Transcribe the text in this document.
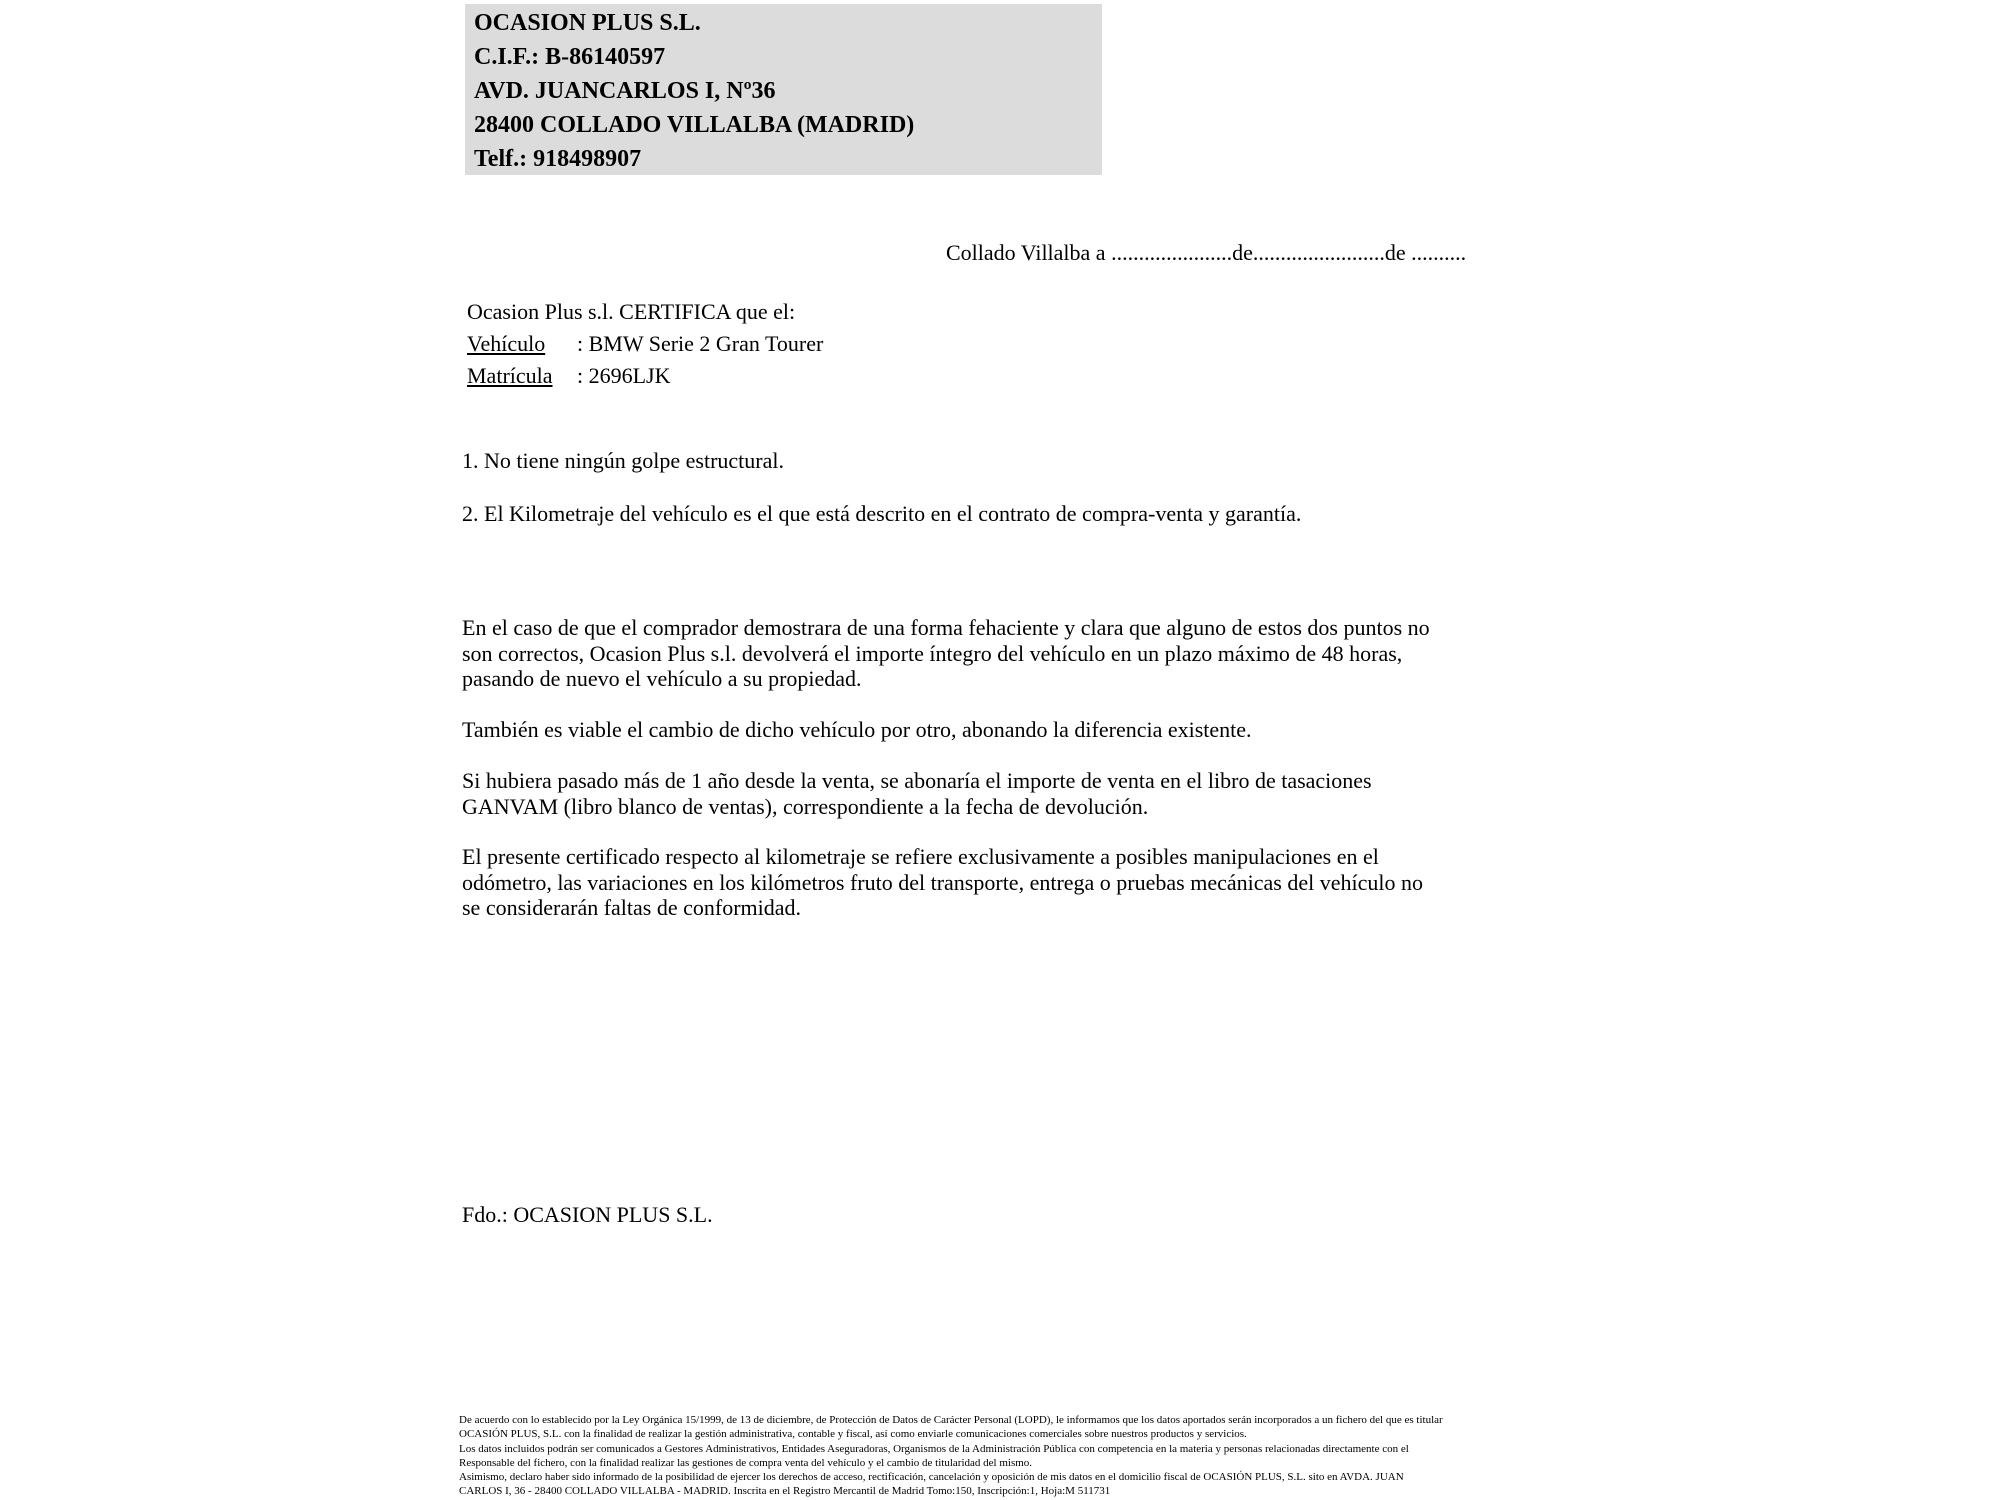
OCASION PLUS S.L.
C.I.F.: B-86140597
AVD. JUANCARLOS I, Nº36
28400 COLLADO VILLALBA (MADRID)
Telf.: 918498907
Collado Villalba a ......................de........................de ..........
Ocasion Plus s.l. CERTIFICA que el:
Vehículo : BMW Serie 2 Gran Tourer
Matrícula : 2696LJK
1. No tiene ningún golpe estructural.
2. El Kilometraje del vehículo es el que está descrito en el contrato de compra-venta y garantía.
En el caso de que el comprador demostrara de una forma fehaciente y clara que alguno de estos dos puntos no
son correctos, Ocasion Plus s.l. devolverá el importe íntegro del vehículo en un plazo máximo de 48 horas,
pasando de nuevo el vehículo a su propiedad.
También es viable el cambio de dicho vehículo por otro, abonando la diferencia existente.
Si hubiera pasado más de 1 año desde la venta, se abonaría el importe de venta en el libro de tasaciones
GANVAM (libro blanco de ventas), correspondiente a la fecha de devolución.
El presente certificado respecto al kilometraje se refiere exclusivamente a posibles manipulaciones en el
odómetro, las variaciones en los kilómetros fruto del transporte, entrega o pruebas mecánicas del vehículo no
se considerarán faltas de conformidad.
Fdo.: OCASION PLUS S.L.
De acuerdo con lo establecido por la Ley Orgánica 15/1999, de 13 de diciembre, de Protección de Datos de Carácter Personal (LOPD), le informamos que los datos aportados serán incorporados a un fichero del que es titular
OCASIÓN PLUS, S.L. con la finalidad de realizar la gestión administrativa, contable y fiscal, así como enviarle comunicaciones comerciales sobre nuestros productos y servicios.
Los datos incluidos podrán ser comunicados a Gestores Administrativos, Entidades Aseguradoras, Organismos de la Administración Pública con competencia en la materia y personas relacionadas directamente con el
Responsable del fichero, con la finalidad realizar las gestiones de compra venta del vehículo y el cambio de titularidad del mismo.
Asimismo, declaro haber sido informado de la posibilidad de ejercer los derechos de acceso, rectificación, cancelación y oposición de mis datos en el domicilio fiscal de OCASIÓN PLUS, S.L. sito en AVDA. JUAN
CARLOS I, 36 - 28400 COLLADO VILLALBA - MADRID. Inscrita en el Registro Mercantil de Madrid Tomo:150, Inscripción:1, Hoja:M 511731
